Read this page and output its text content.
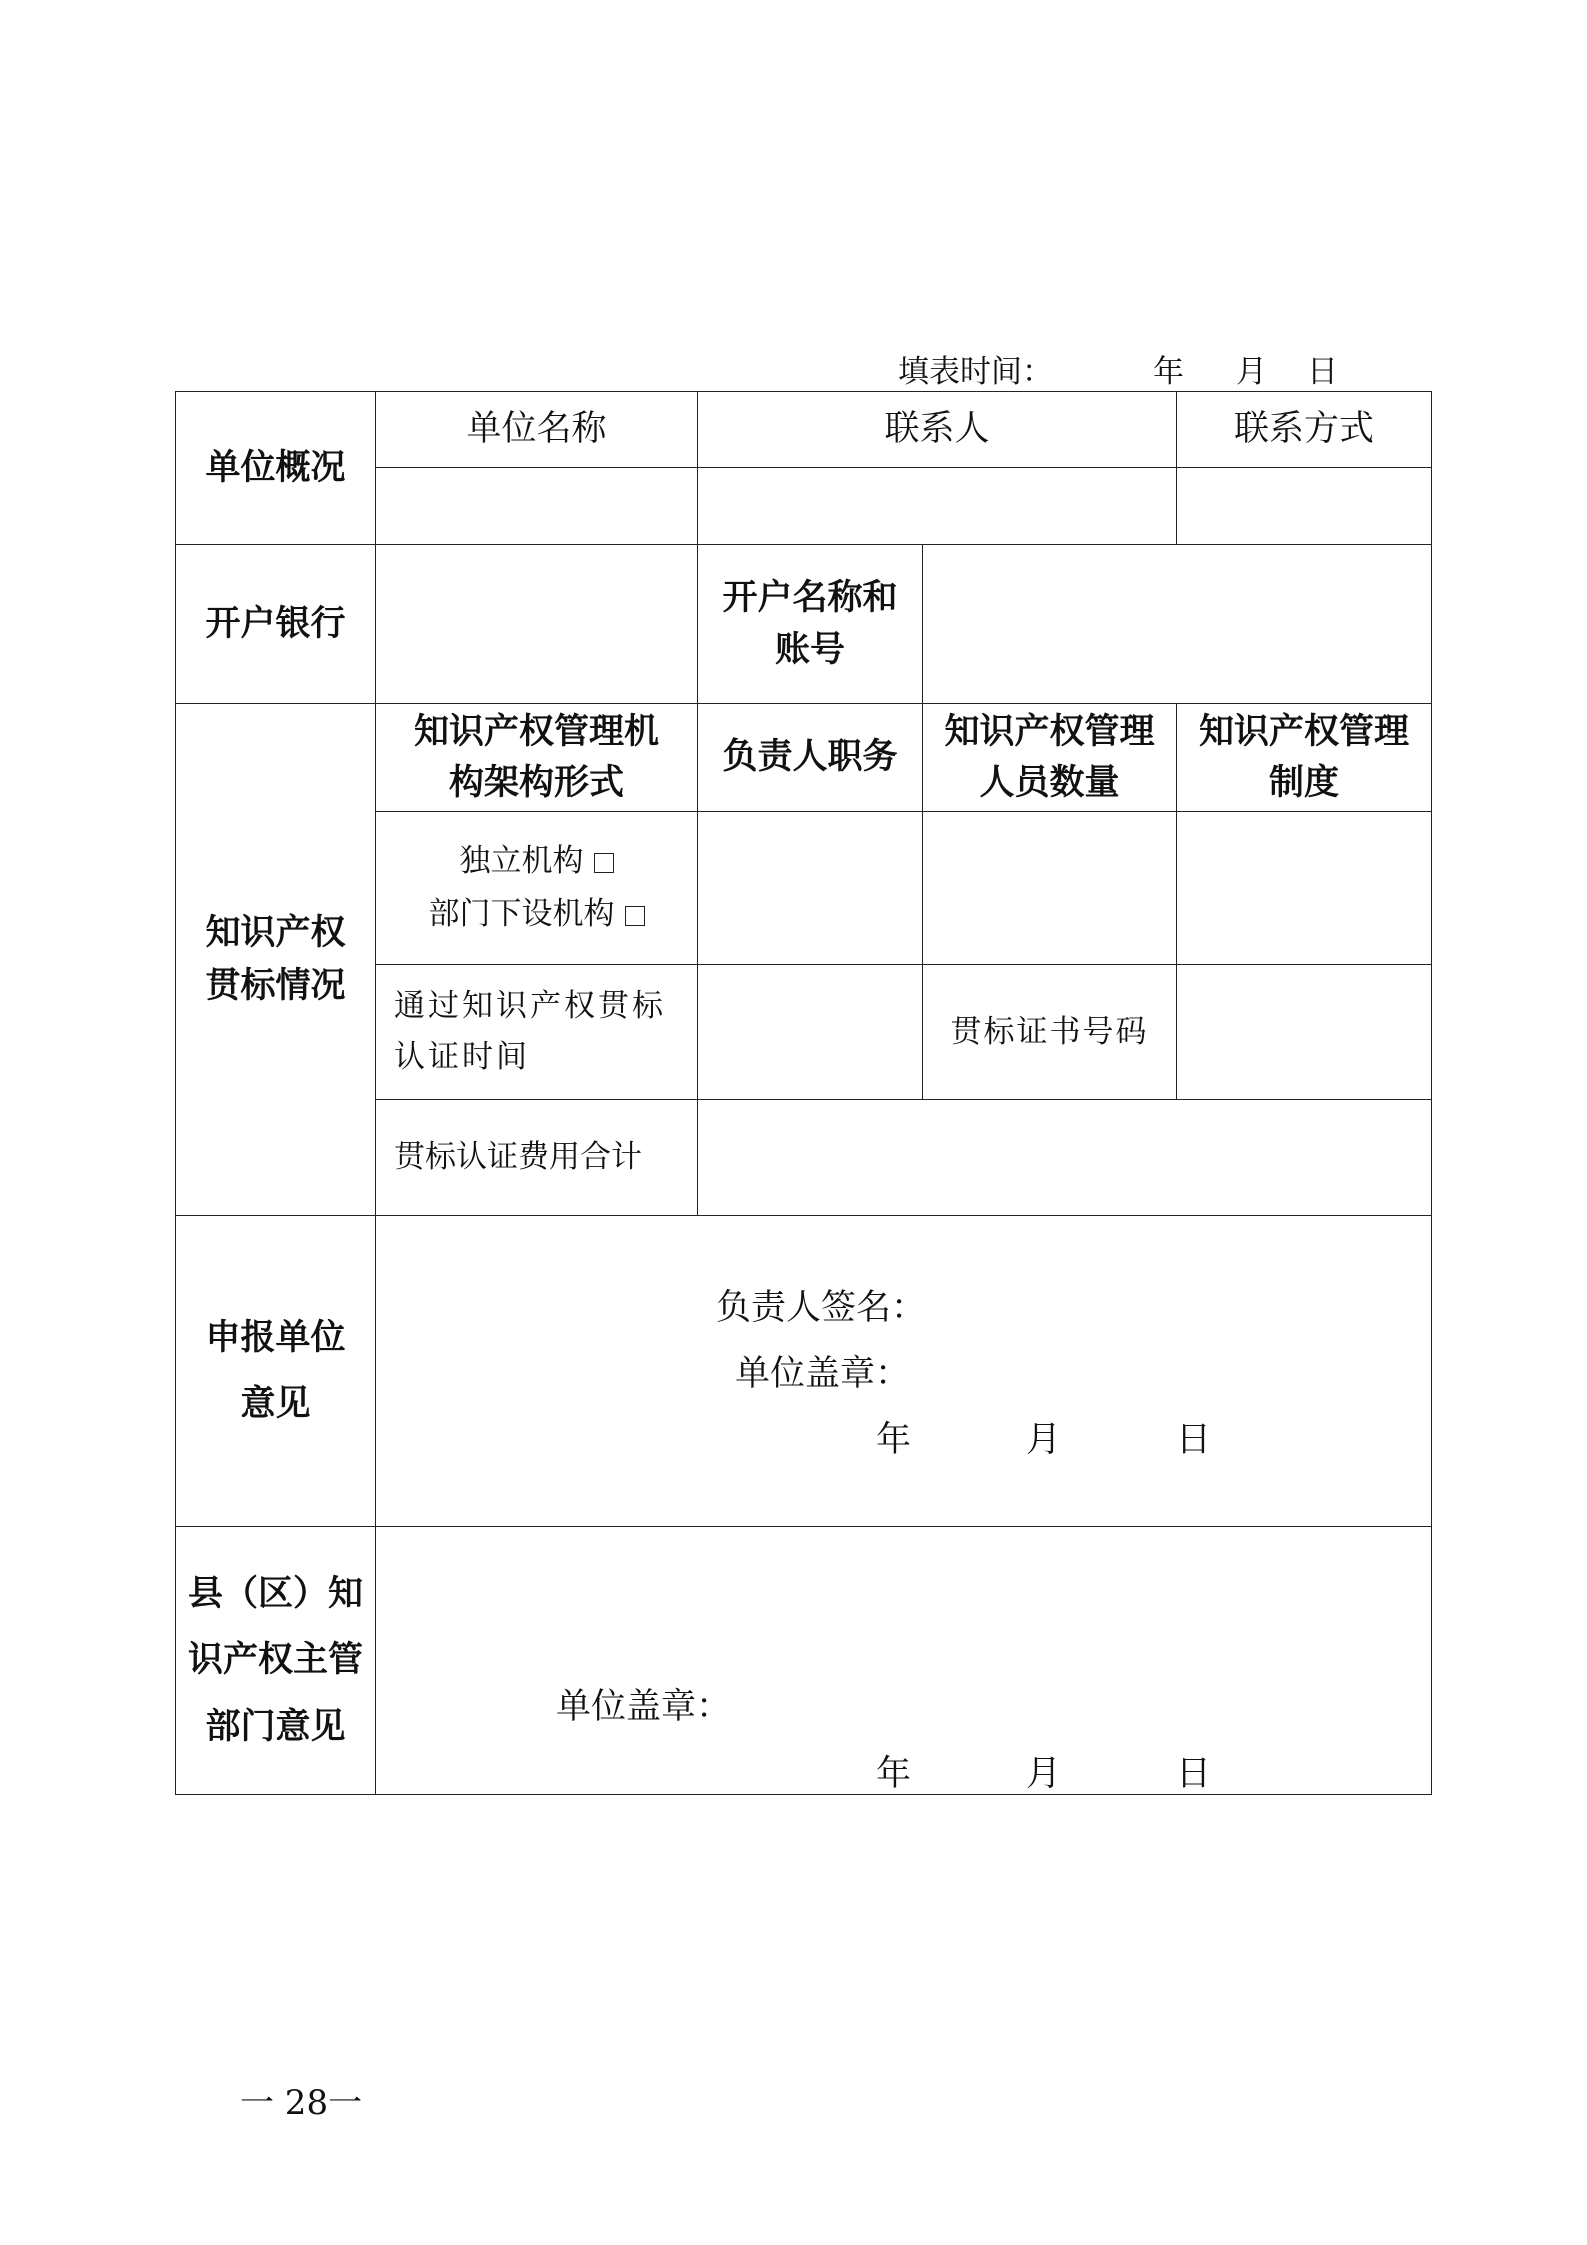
填表时间：	年 月 日
单位概况	单位名称	联系人		联系方式

开户银行		开户名称和账号		
知识产权贯标情况	知识产权管理机构架构形式	负责人职务	知识产权管理人员数量	知识产权管理制度

	独立机构
部门下设机构			

	通过知识产权贯标认证时间		贯标证书号码	
	贯标认证费用合计			
申报单位意见	负责人签名：
单位盖章：
年 月 日			

县（区）知识产权主管部门意见	单位盖章：
年 月 日			
一 28一
